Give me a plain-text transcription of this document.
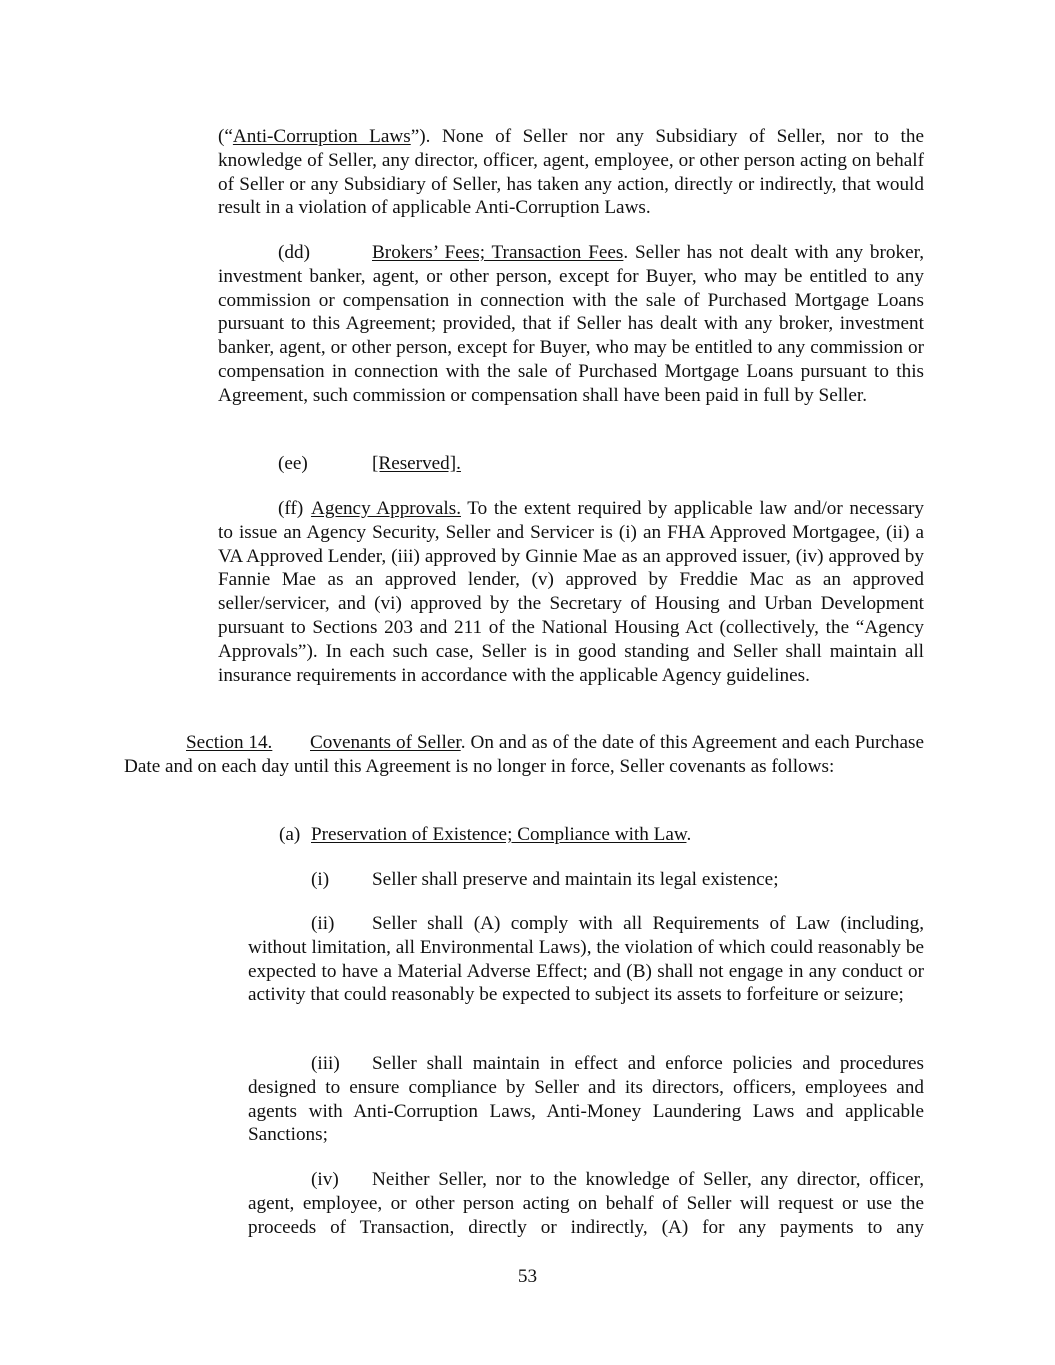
(“Anti-Corruption Laws”). None of Seller nor any Subsidiary of Seller, nor to the knowledge of Seller, any director, officer, agent, employee, or other person acting on behalf of Seller or any Subsidiary of Seller, has taken any action, directly or indirectly, that would result in a violation of applicable Anti-Corruption Laws.

(dd)	Brokers’ Fees; Transaction Fees. Seller has not dealt with any broker, investment banker, agent, or other person, except for Buyer, who may be entitled to any commission or compensation in connection with the sale of Purchased Mortgage Loans pursuant to this Agreement; provided, that if Seller has dealt with any broker, investment banker, agent, or other person, except for Buyer, who may be entitled to any commission or compensation in connection with the sale of Purchased Mortgage Loans pursuant to this Agreement, such commission or compensation shall have been paid in full by Seller.

(ee)	[Reserved].

(ff) Agency Approvals. To the extent required by applicable law and/or necessary to issue an Agency Security, Seller and Servicer is (i) an FHA Approved Mortgagee, (ii) a VA Approved Lender, (iii) approved by Ginnie Mae as an approved issuer, (iv) approved by Fannie Mae as an approved lender, (v) approved by Freddie Mac as an approved seller/servicer, and (vi) approved by the Secretary of Housing and Urban Development pursuant to Sections 203 and 211 of the National Housing Act (collectively, the “Agency Approvals”). In each such case, Seller is in good standing and Seller shall maintain all insurance requirements in accordance with the applicable Agency guidelines.

Section 14. Covenants of Seller. On and as of the date of this Agreement and each Purchase Date and on each day until this Agreement is no longer in force, Seller covenants as follows:

(a) Preservation of Existence; Compliance with Law.

(i) Seller shall preserve and maintain its legal existence;

(ii) Seller shall (A) comply with all Requirements of Law (including, without limitation, all Environmental Laws), the violation of which could reasonably be expected to have a Material Adverse Effect; and (B) shall not engage in any conduct or activity that could reasonably be expected to subject its assets to forfeiture or seizure;

(iii) Seller shall maintain in effect and enforce policies and procedures designed to ensure compliance by Seller and its directors, officers, employees and agents with Anti-Corruption Laws, Anti-Money Laundering Laws and applicable Sanctions;

(iv) Neither Seller, nor to the knowledge of Seller, any director, officer, agent, employee, or other person acting on behalf of Seller will request or use the proceeds of Transaction, directly or indirectly, (A) for any payments to any

53
